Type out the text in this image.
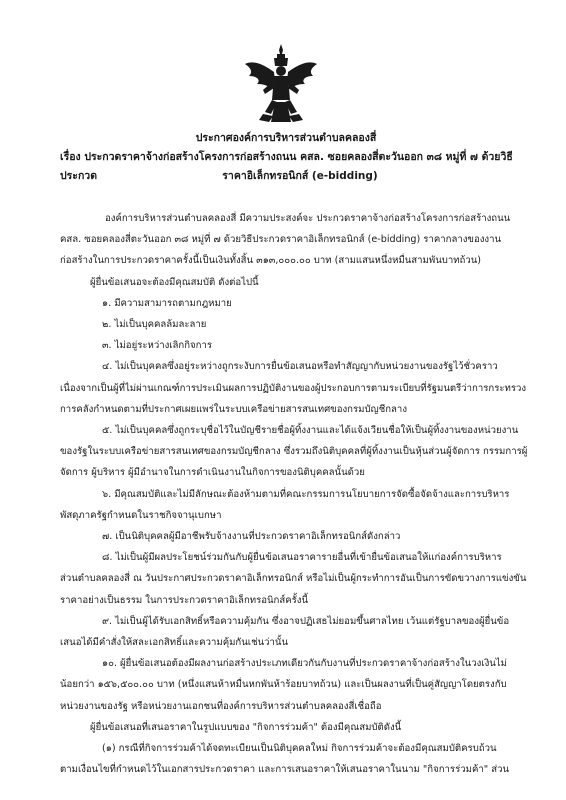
ประกาศองค์การบริหารส่วนตำบลคลองสี่
เรื่อง ประกวดราคาจ้างก่อสร้างโครงการก่อสร้างถนน คสล. ซอยคลองสี่ตะวันออก ๓๘ หมู่ที่ ๗ ด้วยวิธีประกวด	ราคาอิเล็กทรอนิกส์ (e-bidding)
องค์การบริหารส่วนตำบลคลองสี่ มีความประสงค์จะ ประกวดราคาจ้างก่อสร้างโครงการก่อสร้างถนน
คสล. ซอยคลองสี่ตะวันออก ๓๘ หมู่ที่ ๗ ด้วยวิธีประกวดราคาอิเล็กทรอนิกส์ (e-bidding) ราคากลางของงาน
ก่อสร้างในการประกวดราคาครั้งนี้เป็นเงินทั้งสิ้น ๓๑๓,๐๐๐.๐๐ บาท (สามแสนหนึ่งหมื่นสามพันบาทถ้วน)
ผู้ยื่นข้อเสนอจะต้องมีคุณสมบัติ ดังต่อไปนี้
๑. มีความสามารถตามกฎหมาย
๒. ไม่เป็นบุคคลล้มละลาย
๓. ไม่อยู่ระหว่างเลิกกิจการ
๔. ไม่เป็นบุคคลซึ่งอยู่ระหว่างถูกระงับการยื่นข้อเสนอหรือทำสัญญากับหน่วยงานของรัฐไว้ชั่วคราว
เนื่องจากเป็นผู้ที่ไม่ผ่านเกณฑ์การประเมินผลการปฏิบัติงานของผู้ประกอบการตามระเบียบที่รัฐมนตรีว่าการกระทรวง
การคลังกำหนดตามที่ประกาศเผยแพร่ในระบบเครือข่ายสารสนเทศของกรมบัญชีกลาง
๕. ไม่เป็นบุคคลซึ่งถูกระบุชื่อไว้ในบัญชีรายชื่อผู้ทิ้งงานและได้แจ้งเวียนชื่อให้เป็นผู้ทิ้งงานของหน่วยงาน
ของรัฐในระบบเครือข่ายสารสนเทศของกรมบัญชีกลาง ซึ่งรวมถึงนิติบุคคลที่ผู้ทิ้งงานเป็นหุ้นส่วนผู้จัดการ กรรมการผู้
จัดการ ผู้บริหาร ผู้มีอำนาจในการดำเนินงานในกิจการของนิติบุคคลนั้นด้วย
๖. มีคุณสมบัติและไม่มีลักษณะต้องห้ามตามที่คณะกรรมการนโยบายการจัดซื้อจัดจ้างและการบริหาร
พัสดุภาครัฐกำหนดในราชกิจจานุเบกษา
๗. เป็นนิติบุคคลผู้มีอาชีพรับจ้างงานที่ประกวดราคาอิเล็กทรอนิกส์ดังกล่าว
๘. ไม่เป็นผู้มีผลประโยชน์ร่วมกันกับผู้ยื่นข้อเสนอราคารายอื่นที่เข้ายื่นข้อเสนอให้แก่องค์การบริหาร
ส่วนตำบลคลองสี่ ณ วันประกาศประกวดราคาอิเล็กทรอนิกส์ หรือไม่เป็นผู้กระทำการอันเป็นการขัดขวางการแข่งขัน
ราคาอย่างเป็นธรรม ในการประกวดราคาอิเล็กทรอนิกส์ครั้งนี้
๙. ไม่เป็นผู้ได้รับเอกสิทธิ์หรือความคุ้มกัน ซึ่งอาจปฏิเสธไม่ยอมขึ้นศาลไทย เว้นแต่รัฐบาลของผู้ยื่นข้อ
เสนอได้มีคำสั่งให้สละเอกสิทธิ์และความคุ้มกันเช่นว่านั้น
๑๐. ผู้ยื่นข้อเสนอต้องมีผลงานก่อสร้างประเภทเดียวกันกับงานที่ประกวดราคาจ้างก่อสร้างในวงเงินไม่
น้อยกว่า ๑๕๖,๕๐๐.๐๐ บาท (หนึ่งแสนห้าหมื่นหกพันห้าร้อยบาทถ้วน) และเป็นผลงานที่เป็นคู่สัญญาโดยตรงกับ
หน่วยงานของรัฐ หรือหน่วยงานเอกชนที่องค์การบริหารส่วนตำบลคลองสี่เชื่อถือ
ผู้ยื่นข้อเสนอที่เสนอราคาในรูปแบบของ "กิจการร่วมค้า" ต้องมีคุณสมบัติดังนี้
(๑) กรณีที่กิจการร่วมค้าได้จดทะเบียนเป็นนิติบุคคลใหม่ กิจการร่วมค้าจะต้องมีคุณสมบัติครบถ้วน
ตามเงื่อนไขที่กำหนดไว้ในเอกสารประกวดราคา และการเสนอราคาให้เสนอราคาในนาม "กิจการร่วมค้า" ส่วน
